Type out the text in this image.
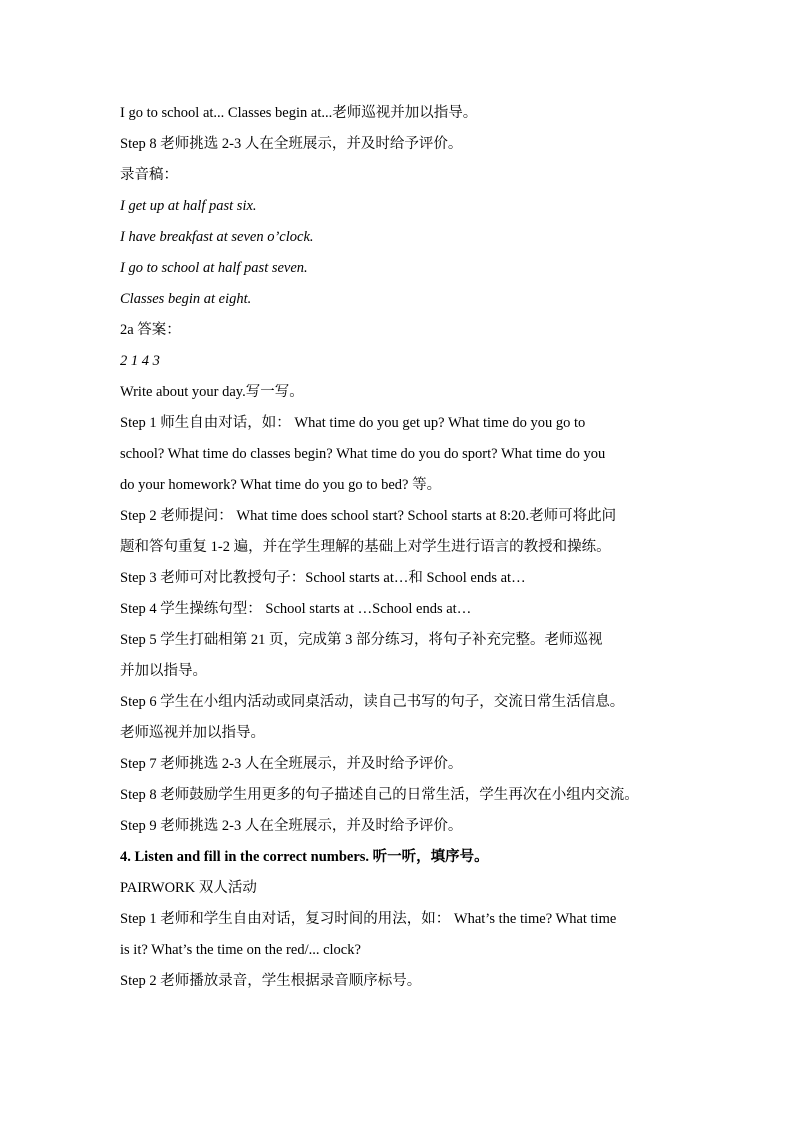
I go to school at... Classes begin at...老师巡视并加以指导。
Step 8 老师挑选 2-3 人在全班展示，并及时给予评价。
录音稿：
I get up at half past six.
I have breakfast at seven o’clock.
I go to school at half past seven.
Classes begin at eight.
2a 答案：
2 1 4 3
Write about your day.写一写。
Step 1 师生自由对话，如： What time do you get up? What time do you go to
school? What time do classes begin? What time do you do sport? What time do you
do your homework? What time do you go to bed? 等。
Step 2 老师提问： What time does school start? School starts at 8:20.老师可将此问
题和答句重复 1-2 遍，并在学生理解的基础上对学生进行语言的教授和操练。
Step 3 老师可对比教授句子：School starts at…和 School ends at…
Step 4 学生操练句型： School starts at …School ends at…
Step 5 学生打础相第 21 页，完成第 3 部分练习，将句子补充完整。老师巡视
并加以指导。
Step 6 学生在小组内活动或同桌活动，读自己书写的句子，交流日常生活信息。
老师巡视并加以指导。
Step 7 老师挑选 2-3 人在全班展示，并及时给予评价。
Step 8 老师鼓励学生用更多的句子描述自己的日常生活，学生再次在小组内交流。
Step 9 老师挑选 2-3 人在全班展示，并及时给予评价。
4. Listen and fill in the correct numbers. 听一听，填序号。
PAIRWORK 双人活动
Step 1 老师和学生自由对话，复习时间的用法，如： What’s the time? What time
is it? What’s the time on the red/... clock?
Step 2 老师播放录音，学生根据录音顺序标号。
